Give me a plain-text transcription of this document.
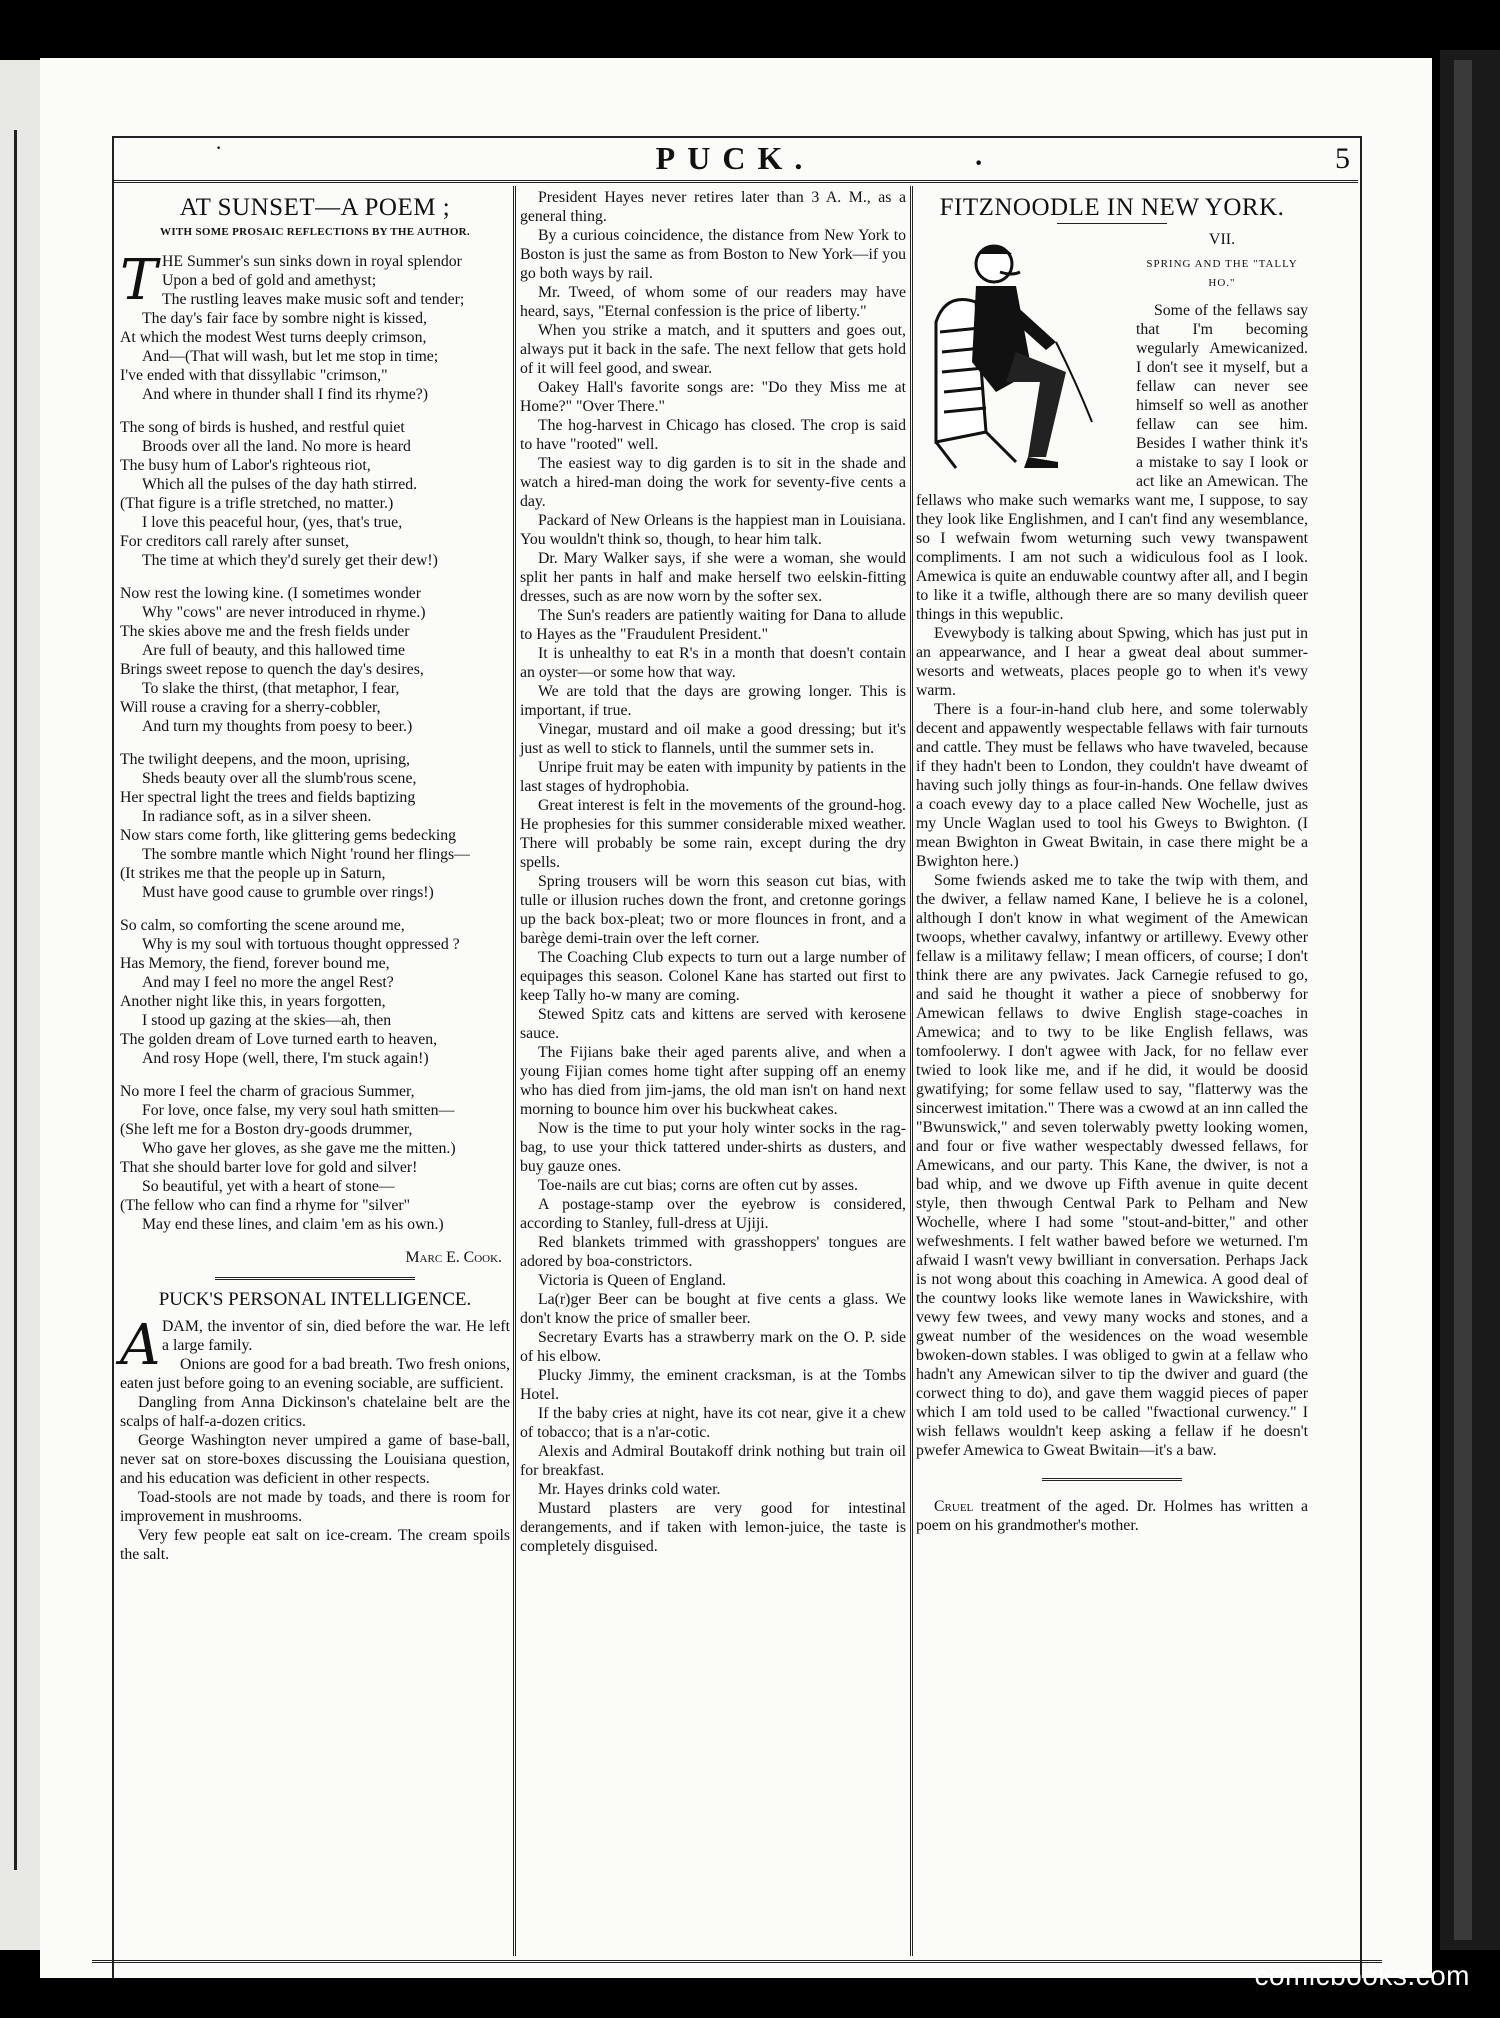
·	PUCK.	·	5
AT SUNSET—A POEM ;
WITH SOME PROSAIC REFLECTIONS BY THE AUTHOR.
T HE Summer's sun sinks down in royal splendor

Upon a bed of gold and amethyst;

The rustling leaves make music soft and tender;

The day's fair face by sombre night is kissed,

At which the modest West turns deeply crimson,

And—(That will wash, but let me stop in time;

I've ended with that dissyllabic "crimson,"

And where in thunder shall I find its rhyme?)

The song of birds is hushed, and restful quiet

Broods over all the land. No more is heard

The busy hum of Labor's righteous riot,

Which all the pulses of the day hath stirred.

(That figure is a trifle stretched, no matter.)

I love this peaceful hour, (yes, that's true,

For creditors call rarely after sunset,

The time at which they'd surely get their dew!)

Now rest the lowing kine. (I sometimes wonder

Why "cows" are never introduced in rhyme.)

The skies above me and the fresh fields under

Are full of beauty, and this hallowed time

Brings sweet repose to quench the day's desires,

To slake the thirst, (that metaphor, I fear,

Will rouse a craving for a sherry-cobbler,

And turn my thoughts from poesy to beer.)

The twilight deepens, and the moon, uprising,

Sheds beauty over all the slumb'rous scene,

Her spectral light the trees and fields baptizing

In radiance soft, as in a silver sheen.

Now stars come forth, like glittering gems bedecking

The sombre mantle which Night 'round her flings—

(It strikes me that the people up in Saturn,

Must have good cause to grumble over rings!)

So calm, so comforting the scene around me,

Why is my soul with tortuous thought oppressed ?

Has Memory, the fiend, forever bound me,

And may I feel no more the angel Rest?

Another night like this, in years forgotten,

I stood up gazing at the skies—ah, then

The golden dream of Love turned earth to heaven,

And rosy Hope (well, there, I'm stuck again!)

No more I feel the charm of gracious Summer,

For love, once false, my very soul hath smitten—

(She left me for a Boston dry-goods drummer,

Who gave her gloves, as she gave me the mitten.)

That she should barter love for gold and silver!

So beautiful, yet with a heart of stone—

(The fellow who can find a rhyme for "silver"

May end these lines, and claim 'em as his own.)

Marc E. Cook.
PUCK'S PERSONAL INTELLIGENCE.
A DAM, the inventor of sin, died before the war. He left a large family.

Onions are good for a bad breath. Two fresh onions, eaten just before going to an evening sociable, are sufficient.

Dangling from Anna Dickinson's chatelaine belt are the scalps of half-a-dozen critics.

George Washington never umpired a game of base-ball, never sat on store-boxes discussing the Louisiana question, and his education was deficient in other respects.

Toad-stools are not made by toads, and there is room for improvement in mushrooms.

Very few people eat salt on ice-cream. The cream spoils the salt.

President Hayes never retires later than 3 A. M., as a general thing.

By a curious coincidence, the distance from New York to Boston is just the same as from Boston to New York—if you go both ways by rail.

Mr. Tweed, of whom some of our readers may have heard, says, "Eternal confession is the price of liberty."

When you strike a match, and it sputters and goes out, always put it back in the safe. The next fellow that gets hold of it will feel good, and swear.

Oakey Hall's favorite songs are: "Do they Miss me at Home?" "Over There."

The hog-harvest in Chicago has closed. The crop is said to have "rooted" well.

The easiest way to dig garden is to sit in the shade and watch a hired-man doing the work for seventy-five cents a day.

Packard of New Orleans is the happiest man in Louisiana. You wouldn't think so, though, to hear him talk.

Dr. Mary Walker says, if she were a woman, she would split her pants in half and make herself two eelskin-fitting dresses, such as are now worn by the softer sex.

The Sun's readers are patiently waiting for Dana to allude to Hayes as the "Fraudulent President."

It is unhealthy to eat R's in a month that doesn't contain an oyster—or some how that way.

We are told that the days are growing longer. This is important, if true.

Vinegar, mustard and oil make a good dressing; but it's just as well to stick to flannels, until the summer sets in.

Unripe fruit may be eaten with impunity by patients in the last stages of hydrophobia.

Great interest is felt in the movements of the ground-hog. He prophesies for this summer considerable mixed weather. There will probably be some rain, except during the dry spells.

Spring trousers will be worn this season cut bias, with tulle or illusion ruches down the front, and cretonne gorings up the back box-pleat; two or more flounces in front, and a barège demi-train over the left corner.

The Coaching Club expects to turn out a large number of equipages this season. Colonel Kane has started out first to keep Tally ho-w many are coming.

Stewed Spitz cats and kittens are served with kerosene sauce.

The Fijians bake their aged parents alive, and when a young Fijian comes home tight after supping off an enemy who has died from jim-jams, the old man isn't on hand next morning to bounce him over his buckwheat cakes.

Now is the time to put your holy winter socks in the rag-bag, to use your thick tattered under-shirts as dusters, and buy gauze ones.

Toe-nails are cut bias; corns are often cut by asses.

A postage-stamp over the eyebrow is considered, according to Stanley, full-dress at Ujiji.

Red blankets trimmed with grasshoppers' tongues are adored by boa-constrictors.

Victoria is Queen of England.

La(r)ger Beer can be bought at five cents a glass. We don't know the price of smaller beer.

Secretary Evarts has a strawberry mark on the O. P. side of his elbow.

Plucky Jimmy, the eminent cracksman, is at the Tombs Hotel.

If the baby cries at night, have its cot near, give it a chew of tobacco; that is a n'ar-cotic.

Alexis and Admiral Boutakoff drink nothing but train oil for breakfast.

Mr. Hayes drinks cold water.

Mustard plasters are very good for intestinal derangements, and if taken with lemon-juice, the taste is completely disguised.

FITZNOODLE IN NEW YORK.
VII.
SPRING AND THE "TALLY HO."

Some of the fellaws say that I'm becoming wegularly Amewicanized. I don't see it myself, but a fellaw can never see himself so well as another fellaw can see him. Besides I wather think it's a mistake to say I look or act like an Amewican. The fellaws who make such wemarks want me, I suppose, to say they look like Englishmen, and I can't find any wesemblance, so I wefwain fwom weturning such vewy twanspawent compliments. I am not such a widiculous fool as I look. Amewica is quite an enduwable countwy after all, and I begin to like it a twifle, although there are so many devilish queer things in this wepublic.

Evewybody is talking about Spwing, which has just put in an appearwance, and I hear a gweat deal about summer-wesorts and wetweats, places people go to when it's vewy warm.

There is a four-in-hand club here, and some tolerwably decent and appawently wespectable fellaws with fair turnouts and cattle. They must be fellaws who have twaveled, because if they hadn't been to London, they couldn't have dweamt of having such jolly things as four-in-hands. One fellaw dwives a coach evewy day to a place called New Wochelle, just as my Uncle Waglan used to tool his Gweys to Bwighton. (I mean Bwighton in Gweat Bwitain, in case there might be a Bwighton here.)

Some fwiends asked me to take the twip with them, and the dwiver, a fellaw named Kane, I believe he is a colonel, although I don't know in what wegiment of the Amewican twoops, whether cavalwy, infantwy or artillewy. Evewy other fellaw is a militawy fellaw; I mean officers, of course; I don't think there are any pwivates. Jack Carnegie refused to go, and said he thought it wather a piece of snobberwy for Amewican fellaws to dwive English stage-coaches in Amewica; and to twy to be like English fellaws, was tomfoolerwy. I don't agwee with Jack, for no fellaw ever twied to look like me, and if he did, it would be doosid gwatifying; for some fellaw used to say, "flatterwy was the sincerwest imitation." There was a cwowd at an inn called the "Bwunswick," and seven tolerwably pwetty looking women, and four or five wather wespectably dwessed fellaws, for Amewicans, and our party. This Kane, the dwiver, is not a bad whip, and we dwove up Fifth avenue in quite decent style, then thwough Centwal Park to Pelham and New Wochelle, where I had some "stout-and-bitter," and other wefweshments. I felt wather bawed before we weturned. I'm afwaid I wasn't vewy bwilliant in conversation. Perhaps Jack is not wong about this coaching in Amewica. A good deal of the countwy looks like wemote lanes in Wawickshire, with vewy few twees, and vewy many wocks and stones, and a gweat number of the wesidences on the woad wesemble bwoken-down stables. I was obliged to gwin at a fellaw who hadn't any Amewican silver to tip the dwiver and guard (the corwect thing to do), and gave them waggid pieces of paper which I am told used to be called "fwactional curwency." I wish fellaws wouldn't keep asking a fellaw if he doesn't pwefer Amewica to Gweat Bwitain—it's a baw.

Cruel treatment of the aged. Dr. Holmes has written a poem on his grandmother's mother.

comicbooks.com
